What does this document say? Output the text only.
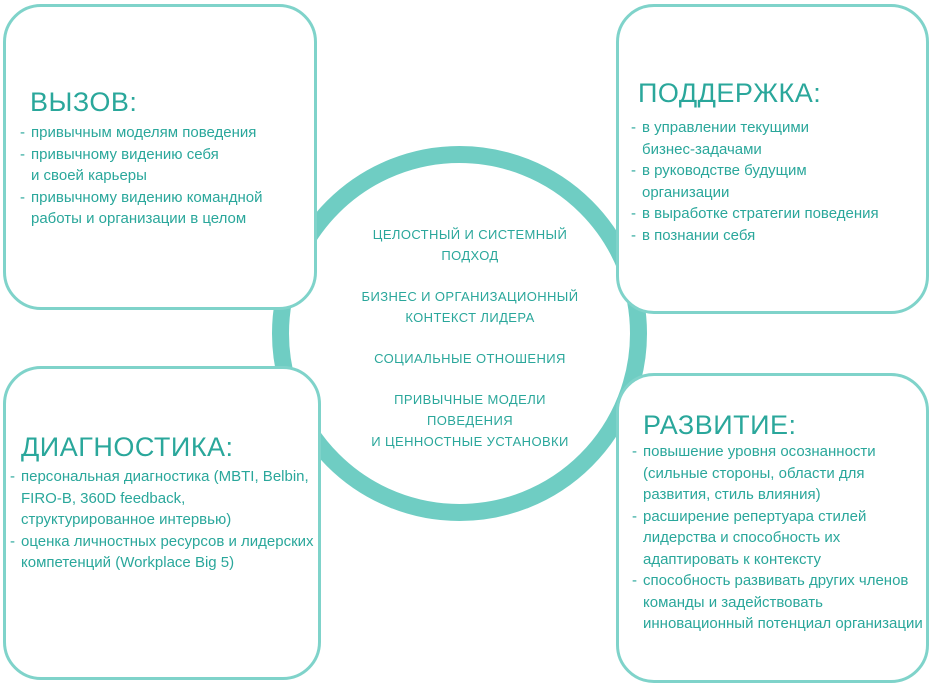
ВЫЗОВ:
- привычным моделям поведения
- привычному видению себя
и своей карьеры
- привычному видению командной работы и организации в целом
ПОДДЕРЖКА:
- в управлении текущими
бизнес-задачами
- в руководстве будущим организации
- в выработке стратегии поведения
- в познании себя
ДИАГНОСТИКА:
- персональная диагностика (MBTI, Belbin, FIRO-B, 360D feedback, структурированное интервью)
- оценка личностных ресурсов и лидерских компетенций (Workplace Big 5)
РАЗВИТИЕ:
- повышение уровня осознанности (сильные стороны, области для развития, стиль влияния)
- расширение репертуара стилей лидерства и способность их адаптировать к контексту
- способность развивать других членов команды и задействовать инновационный потенциал организации
ЦЕЛОСТНЫЙ И СИСТЕМНЫЙ
ПОДХОД
БИЗНЕС И ОРГАНИЗАЦИОННЫЙ
КОНТЕКСТ ЛИДЕРА
СОЦИАЛЬНЫЕ ОТНОШЕНИЯ
ПРИВЫЧНЫЕ МОДЕЛИ
ПОВЕДЕНИЯ
И ЦЕННОСТНЫЕ УСТАНОВКИ
